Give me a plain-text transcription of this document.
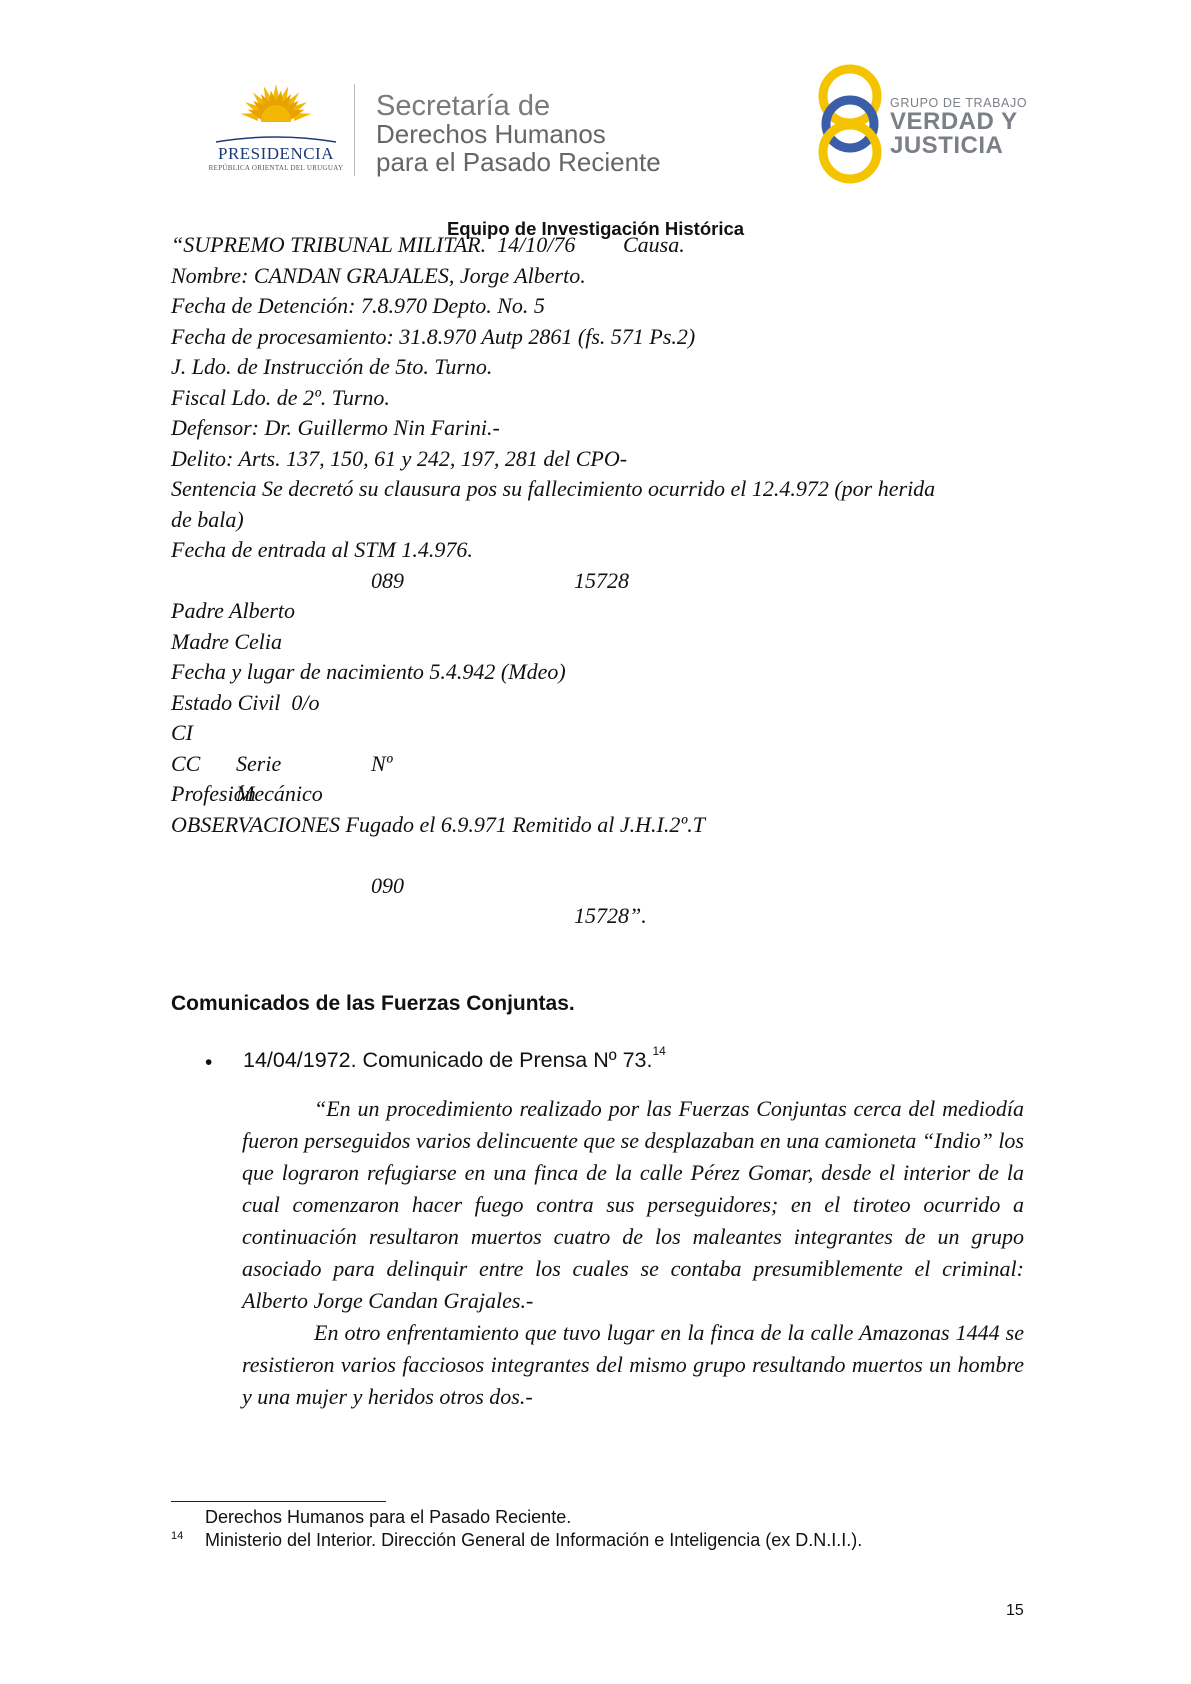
PRESIDENCIA
REPÚBLICA ORIENTAL DEL URUGUAY
Secretaría de
Derechos Humanos
para el Pasado Reciente
GRUPO DE TRABAJO
VERDAD Y
JUSTICIA
Equipo de Investigación Histórica
“SUPREMO TRIBUNAL MILITAR.  14/10/76 Causa.
Nombre: CANDAN GRAJALES, Jorge Alberto.
Fecha de Detención: 7.8.970 Depto. No. 5
Fecha de procesamiento: 31.8.970 Autp 2861 (fs. 571 Ps.2)
J. Ldo. de Instrucción de 5to. Turno.
Fiscal Ldo. de 2º. Turno.
Defensor: Dr. Guillermo Nin Farini.-
Delito: Arts. 137, 150, 61 y 242, 197, 281 del CPO-
Sentencia Se decretó su clausura pos su fallecimiento ocurrido el 12.4.972 (por herida
de bala)
Fecha de entrada al STM 1.4.976.
089	15728
Padre Alberto
Madre Celia
Fecha y lugar de nacimiento 5.4.942 (Mdeo)
Estado Civil  0/o
CI
CC Serie	Nº
Profesión
Mecánico
OBSERVACIONES Fugado el 6.9.971 Remitido al J.H.I.2º.T
090
15728”.
Comunicados de las Fuerzas Conjuntas.
• 14/04/1972. Comunicado de Prensa Nº 73.14

“En un procedimiento realizado por las Fuerzas Conjuntas cerca del mediodía fueron perseguidos varios delincuente que se desplazaban en una camioneta “Indio” los que lograron refugiarse en una finca de la calle Pérez Gomar, desde el interior de la cual comenzaron hacer fuego contra sus perseguidores; en el tiroteo ocurrido a continuación resultaron muertos cuatro de los maleantes integrantes de un grupo asociado para delinquir entre los cuales se contaba presumiblemente el criminal: Alberto Jorge Candan Grajales.-

En otro enfrentamiento que tuvo lugar en la finca de la calle Amazonas 1444 se resistieron varios facciosos integrantes del mismo grupo resultando muertos un hombre y una mujer y heridos otros dos.-

Derechos Humanos para el Pasado Reciente.
14 Ministerio del Interior. Dirección General de Información e Inteligencia (ex D.N.I.I.).
15
